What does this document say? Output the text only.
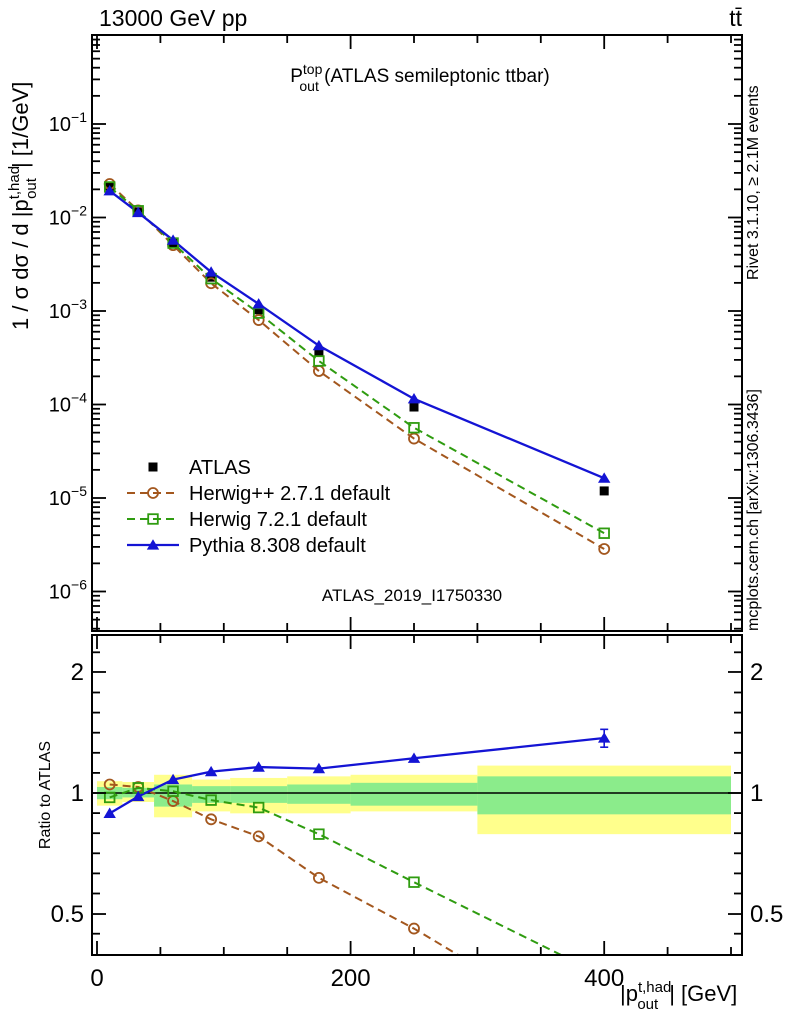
13000 GeV pp	tt̄
$P^{top}$ out (ATLAS semileptonic ttbar)
ATLAS_2019_I1750330
1 / σ dσ / d $|p^{t,had}out|$ [1/GeV]
Ratio to ATLAS
$|p^{t,had}$ out | [GeV]
Rivet 3.1.10, ≥ 2.1M events
mcplots.cern.ch [arXiv:1306.3436]
$10^{-1}$
$10^{-2}$
$10^{-3}$
$10^{-4}$
$10^{-5}$
$10^{-6}$
0.5	0.5
1	1
2	2
0	200	400
ATLAS
Herwig++ 2.7.1 default
Herwig 7.2.1 default
Pythia 8.308 default
